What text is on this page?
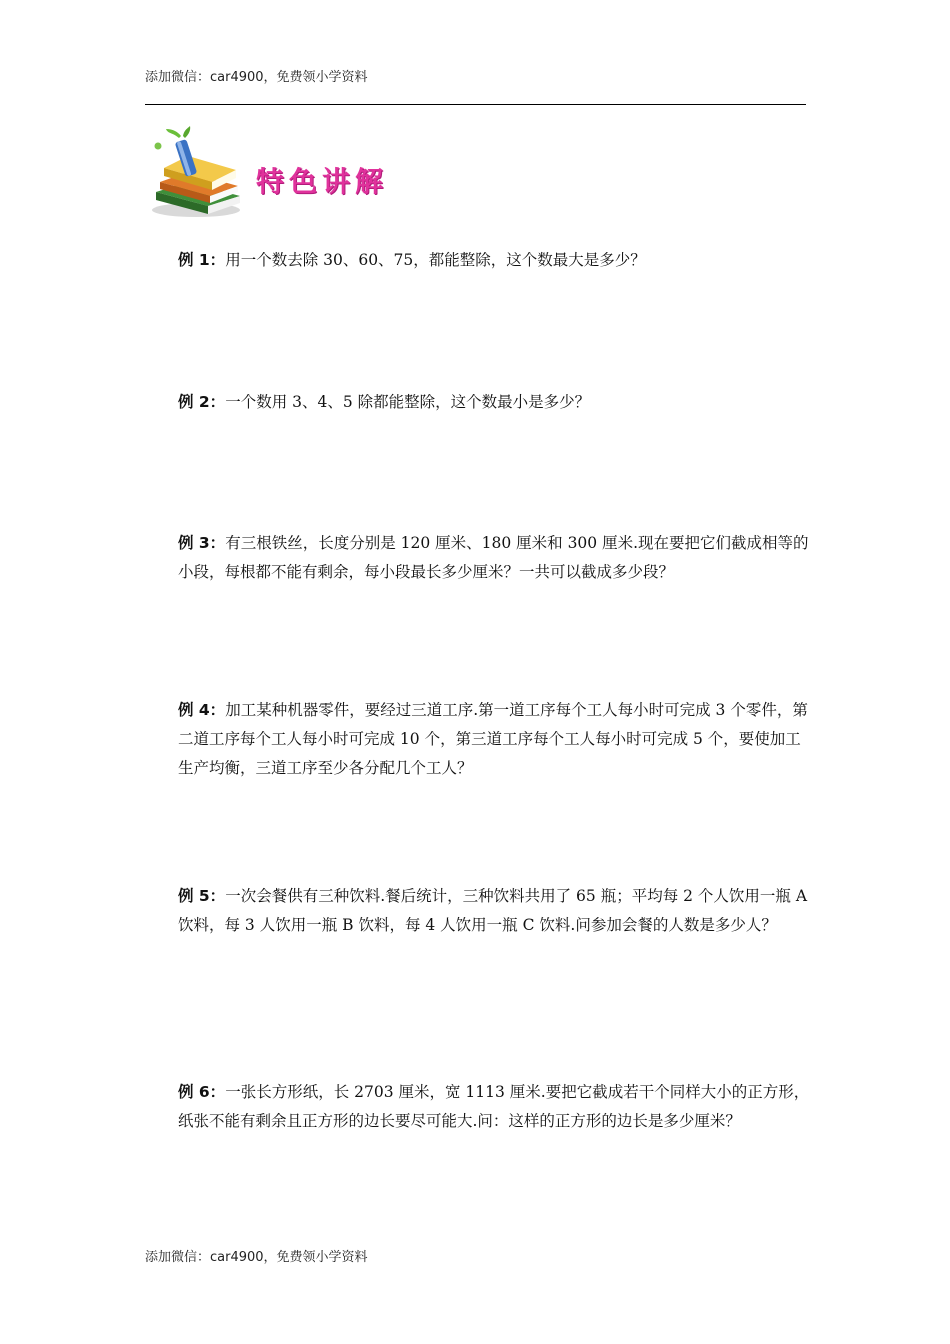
添加微信：car4900，免费领小学资料
特色讲解
例 1：用一个数去除 30、60、75，都能整除，这个数最大是多少？
例 2：一个数用 3、4、5 除都能整除，这个数最小是多少？
例 3：有三根铁丝，长度分别是 120 厘米、180 厘米和 300 厘米.现在要把它们截成相等的小段，每根都不能有剩余，每小段最长多少厘米？一共可以截成多少段？
例 4：加工某种机器零件，要经过三道工序.第一道工序每个工人每小时可完成 3 个零件，第二道工序每个工人每小时可完成 10 个，第三道工序每个工人每小时可完成 5 个，要使加工生产均衡，三道工序至少各分配几个工人？
例 5：一次会餐供有三种饮料.餐后统计，三种饮料共用了 65 瓶；平均每 2 个人饮用一瓶 A 饮料，每 3 人饮用一瓶 B 饮料，每 4 人饮用一瓶 C 饮料.问参加会餐的人数是多少人？
例 6：一张长方形纸，长 2703 厘米，宽 1113 厘米.要把它截成若干个同样大小的正方形，纸张不能有剩余且正方形的边长要尽可能大.问：这样的正方形的边长是多少厘米？
添加微信：car4900，免费领小学资料
